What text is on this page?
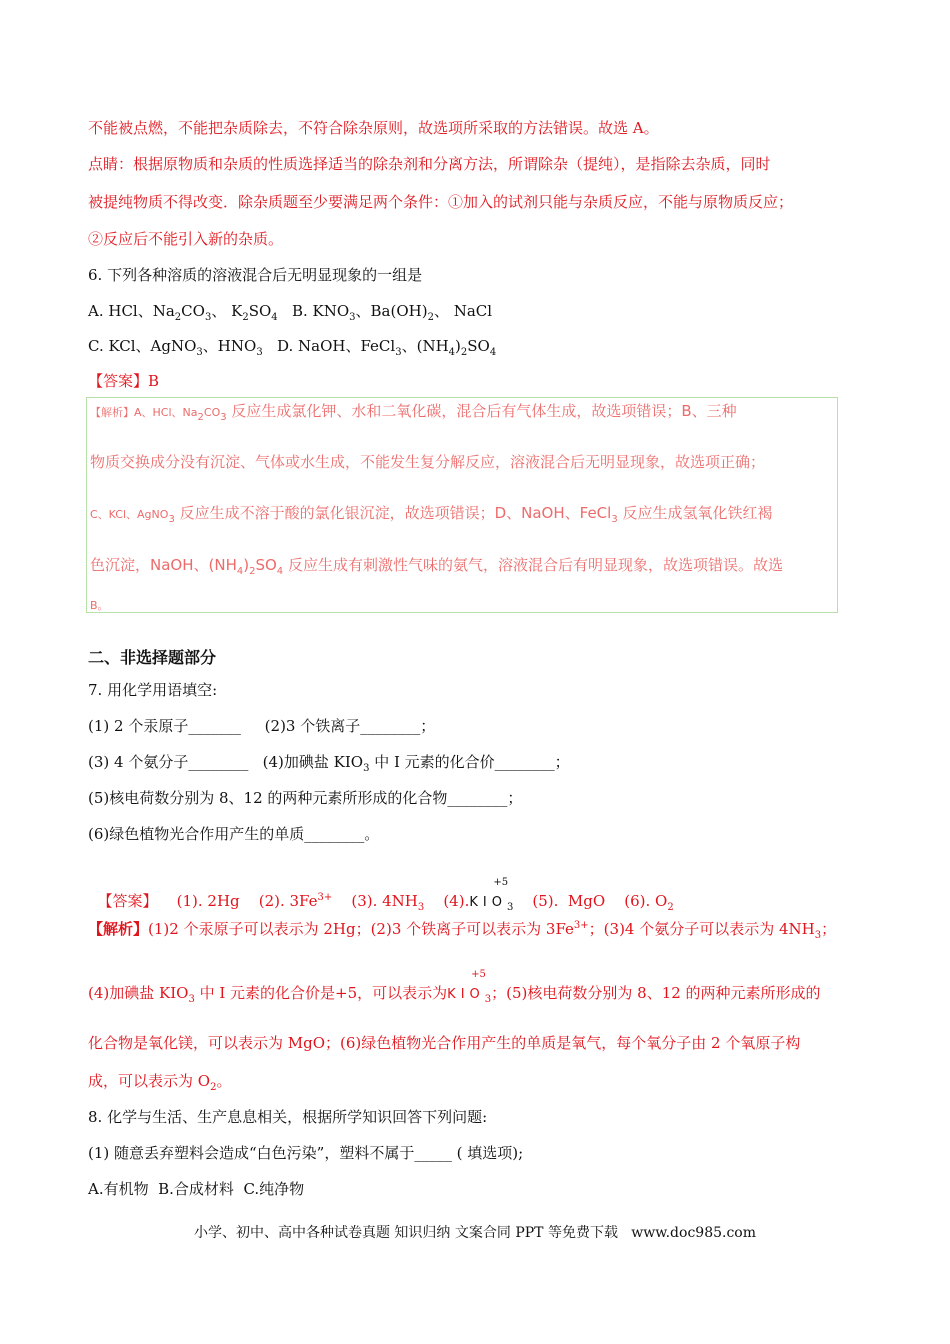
不能被点燃，不能把杂质除去，不符合除杂原则，故选项所采取的方法错误。故选 A。
点睛：根据原物质和杂质的性质选择适当的除杂剂和分离方法，所谓除杂（提纯），是指除去杂质，同时
被提纯物质不得改变．除杂质题至少要满足两个条件：①加入的试剂只能与杂质反应，不能与原物质反应；
②反应后不能引入新的杂质。
6. 下列各种溶质的溶液混合后无明显现象的一组是
A. HCl、$Na_2CO_3$、 $K_2SO_4$   B. $KNO_3$、$Ba(OH)_2$、 NaCl
C. KCl、AgNO$_3$、$HNO_3$   D. NaOH、FeCl$_3$、$(NH_4)_2SO_4$
【答案】B
【解析】A、HCl、$Na_2CO_3$ 反应生成氯化钾、水和二氧化碳，混合后有气体生成，故选项错误；B、三种
物质交换成分没有沉淀、气体或水生成，不能发生复分解反应，溶液混合后无明显现象，故选项正确；
C、KCl、AgNO$_3$ 反应生成不溶于酸的氯化银沉淀，故选项错误；D、NaOH、FeCl$_3$ 反应生成氢氧化铁红褐
色沉淀，NaOH、$(NH_4)_2SO_4$ 反应生成有刺激性气味的氨气，溶液混合后有明显现象，故选项错误。故选
B。
二、非选择题部分
7. 用化学用语填空:
(1) 2 个汞原子_______     (2)3 个铁离子________；
(3) 4 个氨分子________   (4)加碘盐 $KIO_3$ 中 I 元素的化合价________；
(5)核电荷数分别为 8、12 的两种元素所形成的化合物________；
(6)绿色植物光合作用产生的单质________。

【答案】    (1). 2Hg    (2). $3Fe^{3+}$    (3). $4NH_3$    (4).
+5
$KIO_3$    (5).  MgO    (6). $O_2$

【解析】(1)2 个汞原子可以表示为 2Hg；(2)3 个铁离子可以表示为 $3Fe^{3+}$；(3)4 个氨分子可以表示为 $4NH_3$；
(4)加碘盐 $KIO_3$ 中 I 元素的化合价是+5，可以表示为
+5
$KIO_3$；(5)核电荷数分别为 8、12 的两种元素所形成的
化合物是氧化镁，可以表示为 MgO；(6)绿色植物光合作用产生的单质是氧气，每个氧分子由 2 个氧原子构
成，可以表示为 $O_2$。
8. 化学与生活、生产息息相关，根据所学知识回答下列问题:
(1) 随意丢弃塑料会造成“白色污染”，塑料不属于_____ ( 填选项);
A.有机物  B.合成材料  C.纯净物
小学、初中、高中各种试卷真题 知识归纳 文案合同 PPT 等免费下载   www.doc985.com
